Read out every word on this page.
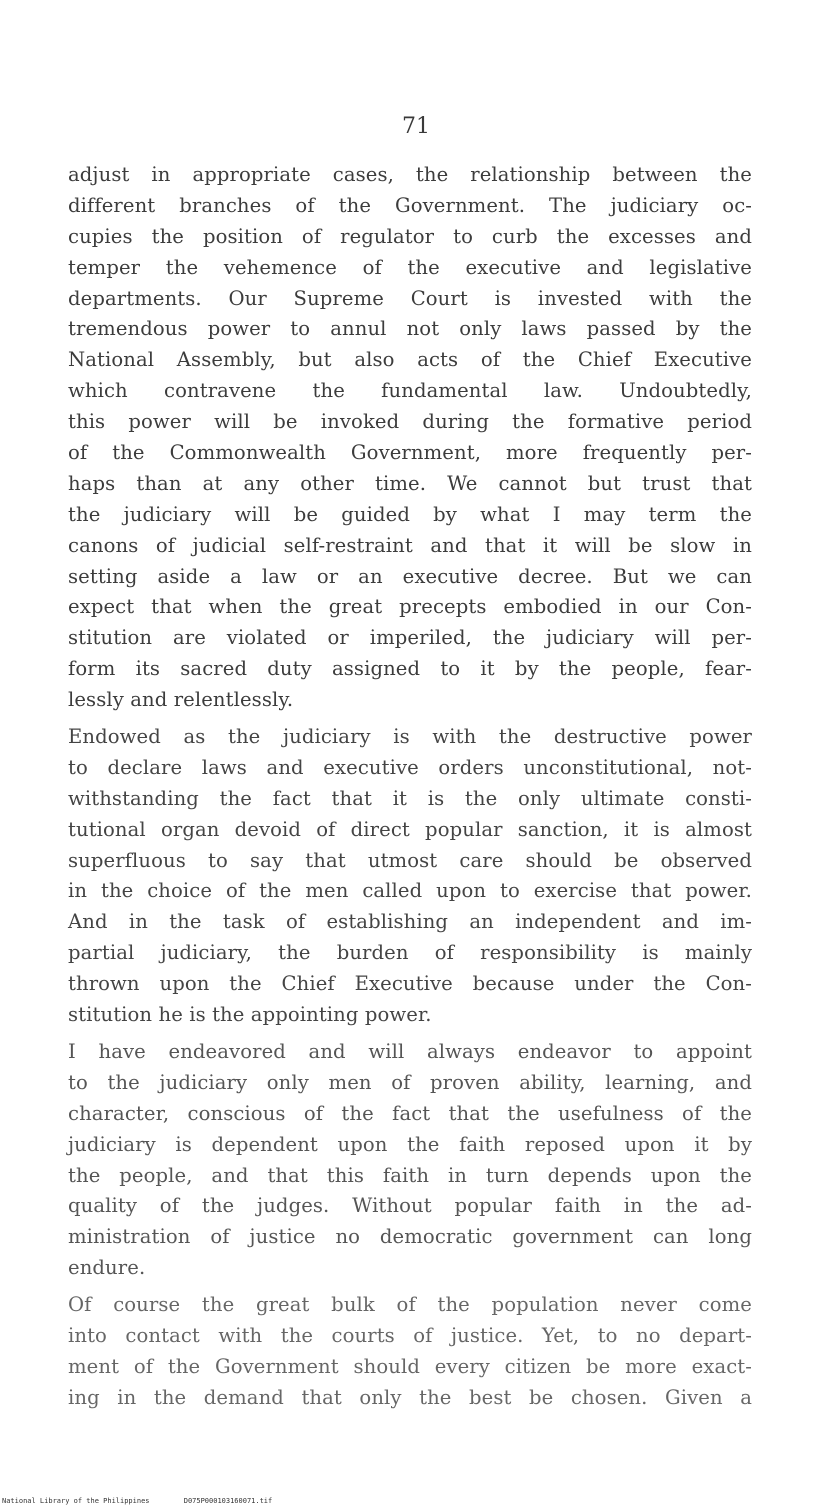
71
adjust in appropriate cases, the relationship between the
different branches of the Government. The judiciary oc-
cupies the position of regulator to curb the excesses and
temper the vehemence of the executive and legislative
departments. Our Supreme Court is invested with the
tremendous power to annul not only laws passed by the
National Assembly, but also acts of the Chief Executive
which contravene the fundamental law. Undoubtedly,
this power will be invoked during the formative period
of the Commonwealth Government, more frequently per-
haps than at any other time. We cannot but trust that
the judiciary will be guided by what I may term the
canons of judicial self-restraint and that it will be slow in
setting aside a law or an executive decree. But we can
expect that when the great precepts embodied in our Con-
stitution are violated or imperiled, the judiciary will per-
form its sacred duty assigned to it by the people, fear-
lessly and relentlessly.
Endowed as the judiciary is with the destructive power
to declare laws and executive orders unconstitutional, not-
withstanding the fact that it is the only ultimate consti-
tutional organ devoid of direct popular sanction, it is almost
superfluous to say that utmost care should be observed
in the choice of the men called upon to exercise that power.
And in the task of establishing an independent and im-
partial judiciary, the burden of responsibility is mainly
thrown upon the Chief Executive because under the Con-
stitution he is the appointing power.
I have endeavored and will always endeavor to appoint
to the judiciary only men of proven ability, learning, and
character, conscious of the fact that the usefulness of the
judiciary is dependent upon the faith reposed upon it by
the people, and that this faith in turn depends upon the
quality of the judges. Without popular faith in the ad-
ministration of justice no democratic government can long
endure.
Of course the great bulk of the population never come
into contact with the courts of justice. Yet, to no depart-
ment of the Government should every citizen be more exact-
ing in the demand that only the best be chosen. Given a
National Library of the Philippines	D075P000103160071.tif
